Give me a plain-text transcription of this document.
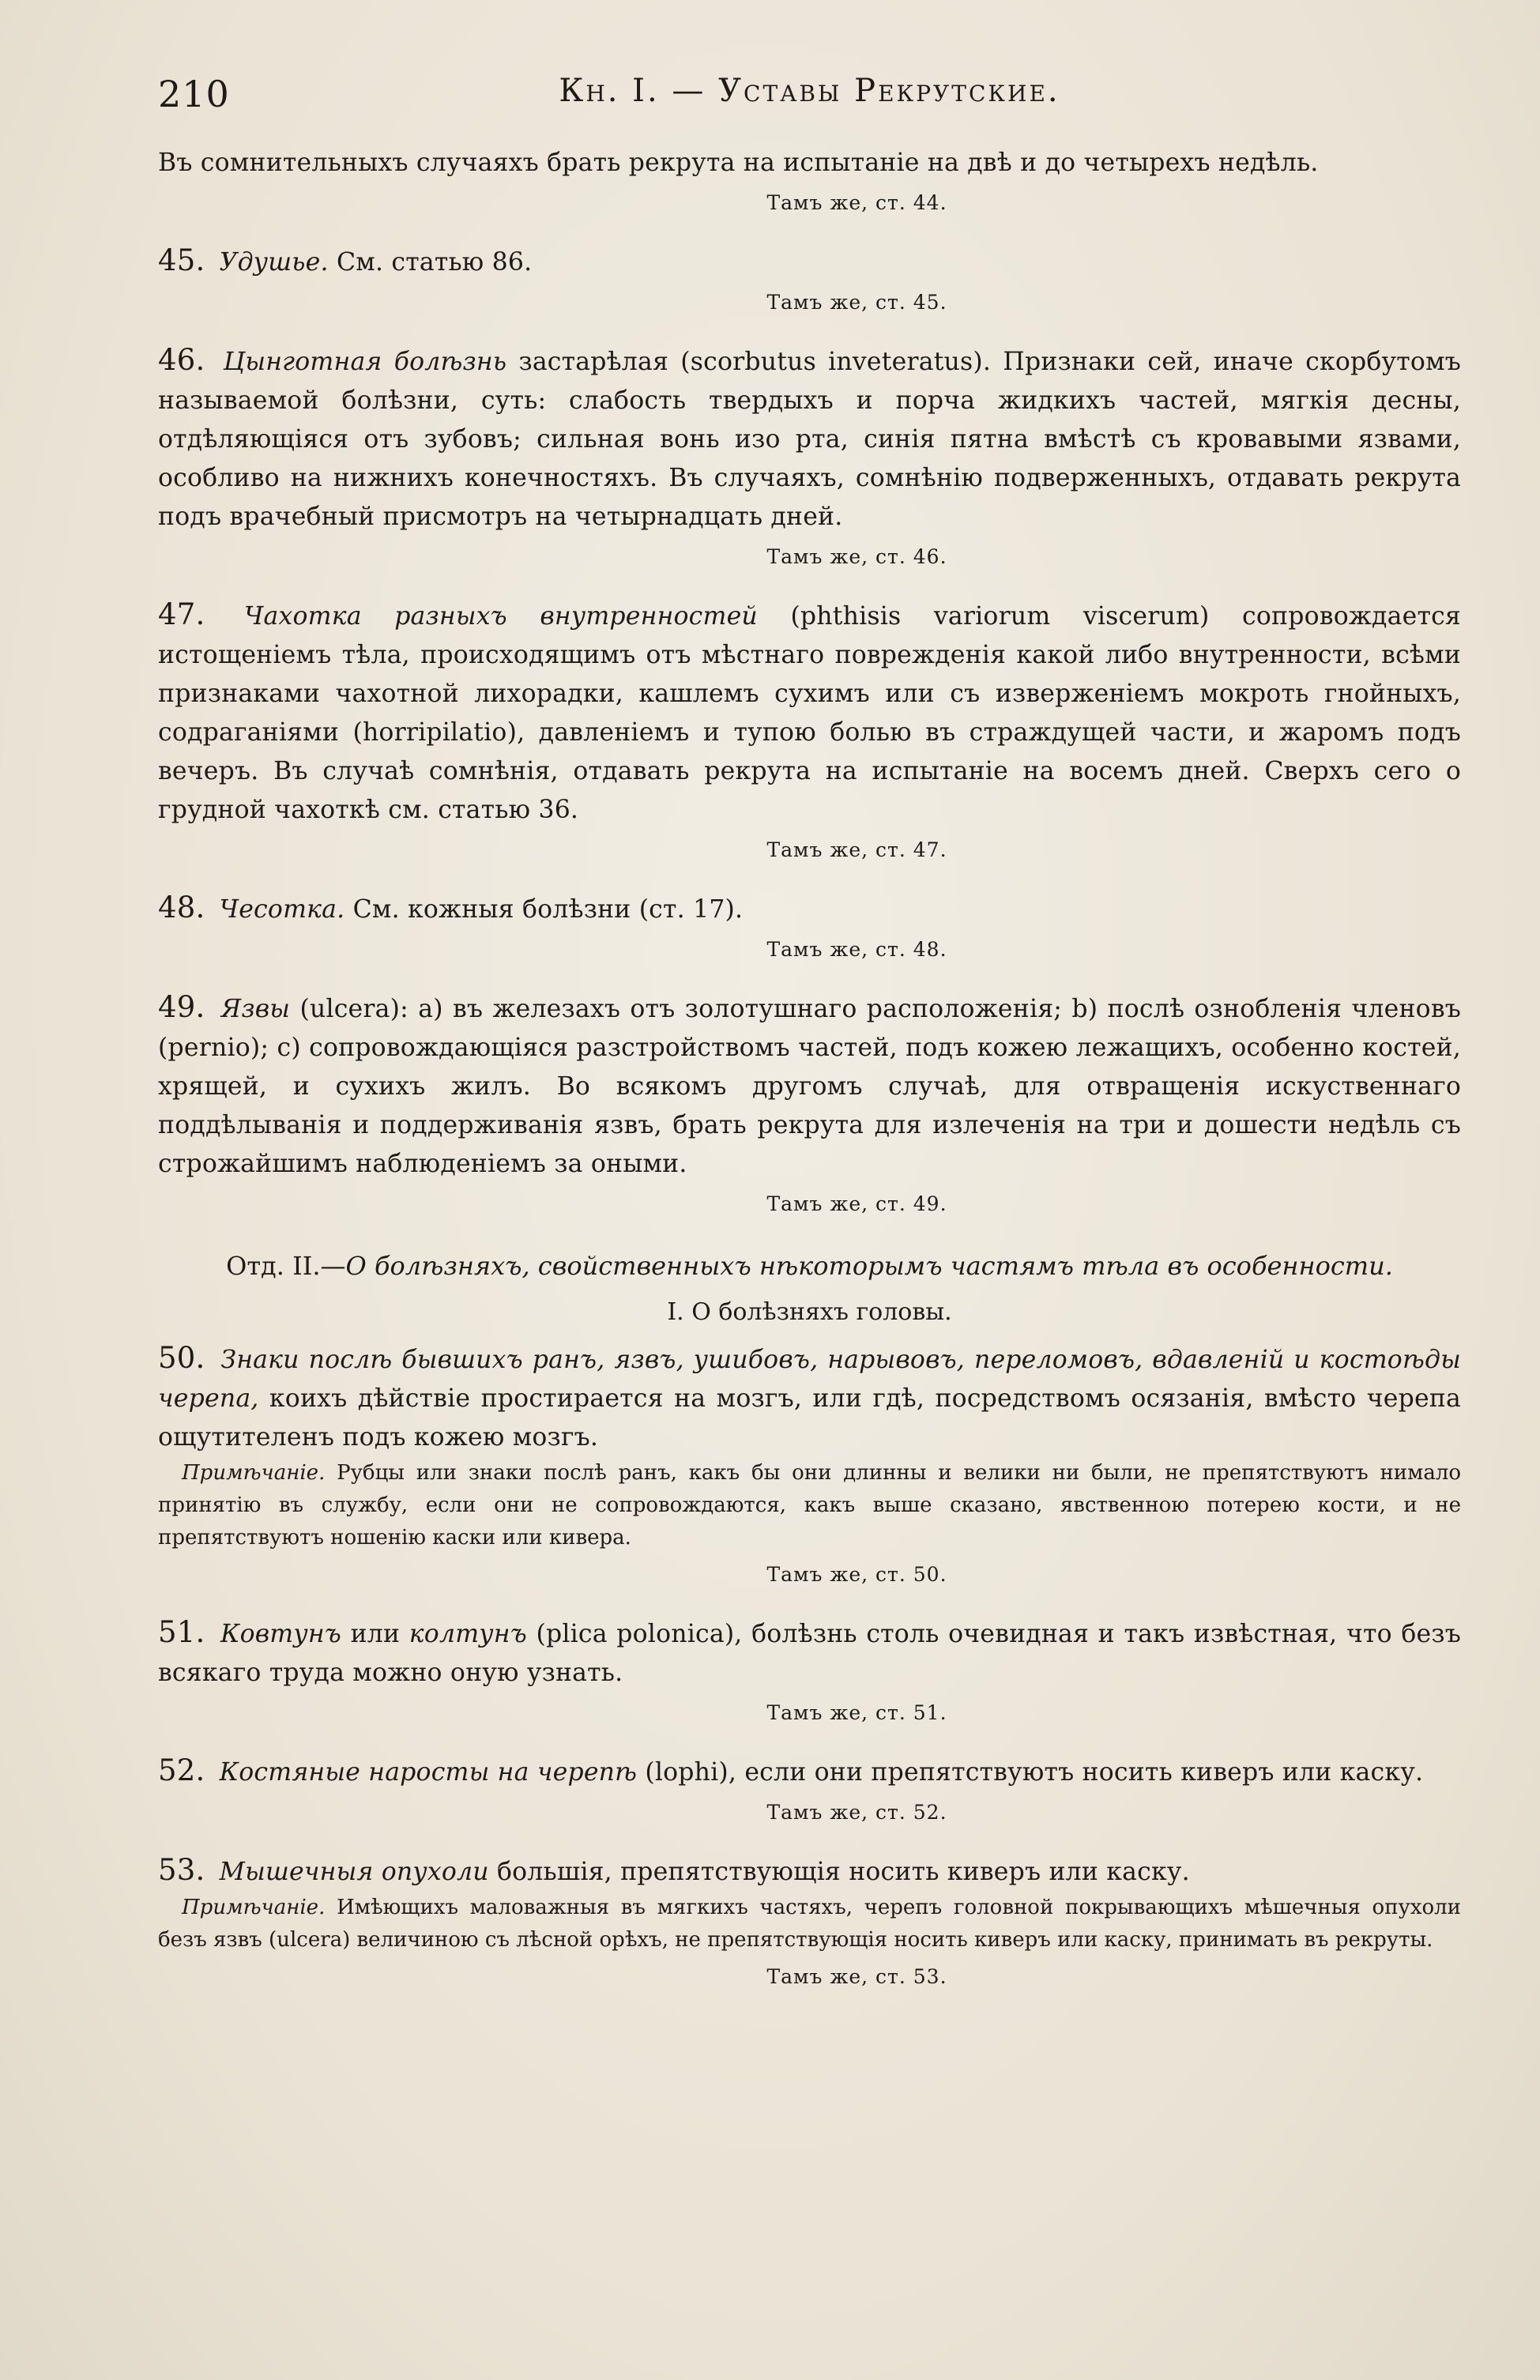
210	Кн. I. — Уставы Рекрутские.

Въ сомнительныхъ случаяхъ брать рекрута на испытаніе на двѣ и до четырехъ недѣль.

Тамъ же, ст. 44.

45. Удушье. См. статью 86.

Тамъ же, ст. 45.

46. Цынготная болѣзнь застарѣлая (scorbutus inveteratus). Признаки сей, иначе скорбутомъ называемой болѣзни, суть: слабость твердыхъ и порча жидкихъ частей, мягкія десны, отдѣляющіяся отъ зубовъ; сильная вонь изо рта, синія пятна вмѣстѣ съ кровавыми язвами, особливо на нижнихъ конечностяхъ. Въ случаяхъ, сомнѣнію подверженныхъ, отдавать рекрута подъ врачебный присмотръ на четырнадцать дней.

Тамъ же, ст. 46.

47. Чахотка разныхъ внутренностей (phthisis variorum viscerum) сопровождается истощеніемъ тѣла, происходящимъ отъ мѣстнаго поврежденія какой либо внутренности, всѣми признаками чахотной лихорадки, кашлемъ сухимъ или съ изверженіемъ мокроть гнойныхъ, содраганіями (horripilatio), давленіемъ и тупою болью въ страждущей части, и жаромъ подъ вечеръ. Въ случаѣ сомнѣнія, отдавать рекрута на испытаніе на восемъ дней. Сверхъ сего о грудной чахоткѣ см. статью 36.

Тамъ же, ст. 47.

48. Чесотка. См. кожныя болѣзни (ст. 17).

Тамъ же, ст. 48.

49. Язвы (ulcera): a) въ железахъ отъ золотушнаго расположенія; b) послѣ ознобленія членовъ (pernio); c) сопровождающіяся разстройствомъ частей, подъ кожею лежащихъ, особенно костей, хрящей, и сухихъ жилъ. Во всякомъ другомъ случаѣ, для отвращенія искуственнаго поддѣлыванія и поддерживанія язвъ, брать рекрута для излеченія на три и дошести недѣль съ строжайшимъ наблюденіемъ за оными.

Тамъ же, ст. 49.

Отд. II.—О болѣзняхъ, свойственныхъ нѣкоторымъ частямъ тѣла въ особенности.

I. О болѣзняхъ головы.

50. Знаки послѣ бывшихъ ранъ, язвъ, ушибовъ, нарывовъ, переломовъ, вдавленій и костоѣды черепа, коихъ дѣйствіе простирается на мозгъ, или гдѣ, посредствомъ осязанія, вмѣсто черепа ощутителенъ подъ кожею мозгъ.

Примѣчаніе. Рубцы или знаки послѣ ранъ, какъ бы они длинны и велики ни были, не препятствуютъ нимало принятію въ службу, если они не сопровождаются, какъ выше сказано, явственною потерею кости, и не препятствуютъ ношенію каски или кивера.

Тамъ же, ст. 50.

51. Ковтунъ или колтунъ (plica polonica), болѣзнь столь очевидная и такъ извѣстная, что безъ всякаго труда можно оную узнать.

Тамъ же, ст. 51.

52. Костяные наросты на черепѣ (lophi), если они препятствуютъ носить киверъ или каску.

Тамъ же, ст. 52.

53. Мышечныя опухоли большія, препятствующія носить киверъ или каску.

Примѣчаніе. Имѣющихъ маловажныя въ мягкихъ частяхъ, черепъ головной покрывающихъ мѣшечныя опухоли безъ язвъ (ulcera) величиною съ лѣсной орѣхъ, не препятствующія носить киверъ или каску, принимать въ рекруты.

Тамъ же, ст. 53.
